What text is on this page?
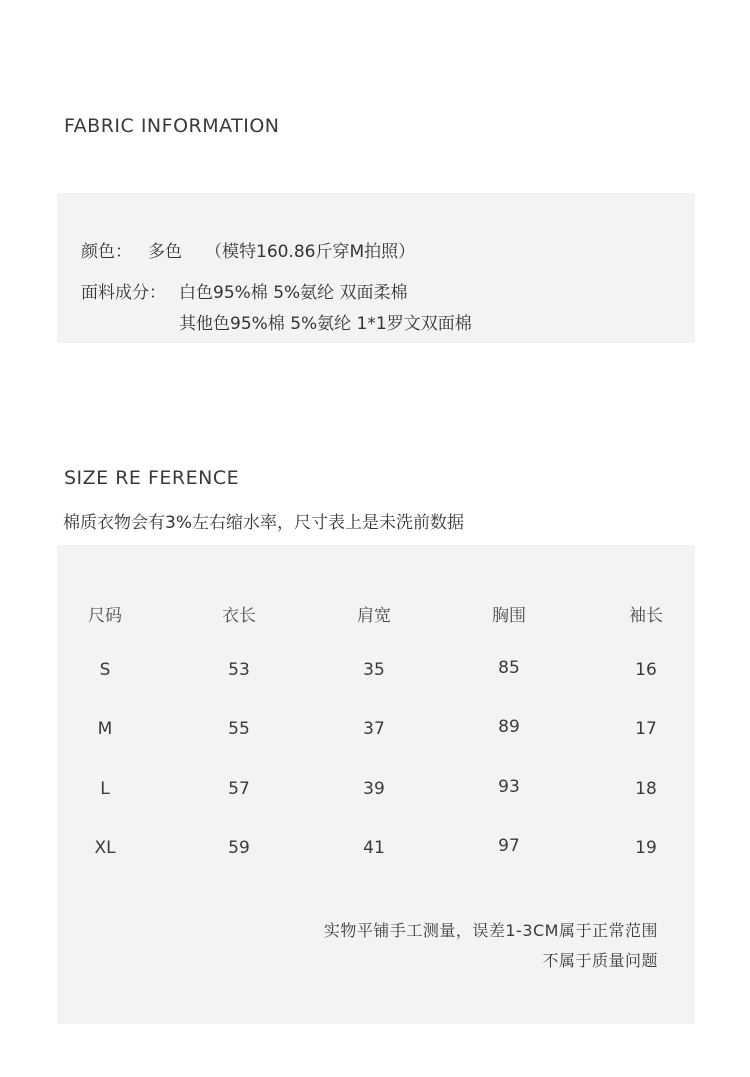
FABRIC INFORMATION
颜色： 多色 （模特160.86斤穿M拍照）
面料成分： 白色95%棉 5%氨纶 双面柔棉
其他色95%棉 5%氨纶 1*1罗文双面棉
SIZE RE FERENCE
棉质衣物会有3%左右缩水率，尺寸表上是未洗前数据
尺码	衣长	肩宽	胸围	袖长
S	53	35	85	16
M	55	37	89	17
L	57	39	93	18
XL	59	41	97	19
实物平铺手工测量，误差1-3CM属于正常范围
不属于质量问题
